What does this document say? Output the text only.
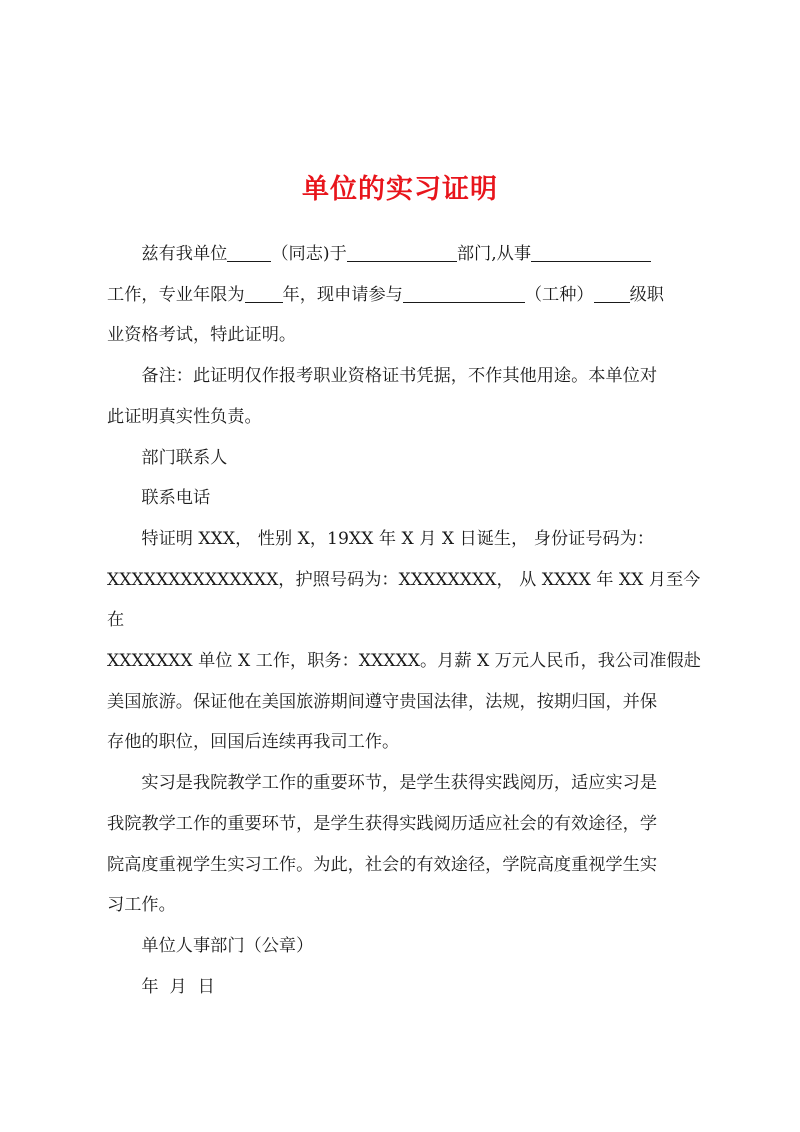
单位的实习证明
兹有我单位	（同志)于	部门,从事
工作，专业年限为 年，现申请参与	（工种） 级职
业资格考试，特此证明。
备注：此证明仅作报考职业资格证书凭据，不作其他用途。本单位对
此证明真实性负责。
部门联系人
联系电话
特证明 XXX， 性别 X，19XX 年 X 月 X 日诞生， 身份证号码为：
XXXXXXXXXXXXXX，护照号码为：XXXXXXXX， 从 XXXX 年 XX 月至今在
XXXXXXX 单位 X 工作，职务：XXXXX。月薪 X 万元人民币，我公司准假赴
美国旅游。保证他在美国旅游期间遵守贵国法律，法规，按期归国，并保
存他的职位，回国后连续再我司工作。
实习是我院教学工作的重要环节，是学生获得实践阅历，适应实习是
我院教学工作的重要环节，是学生获得实践阅历适应社会的有效途径，学
院高度重视学生实习工作。为此，社会的有效途径，学院高度重视学生实
习工作。
单位人事部门（公章）
年  月  日
